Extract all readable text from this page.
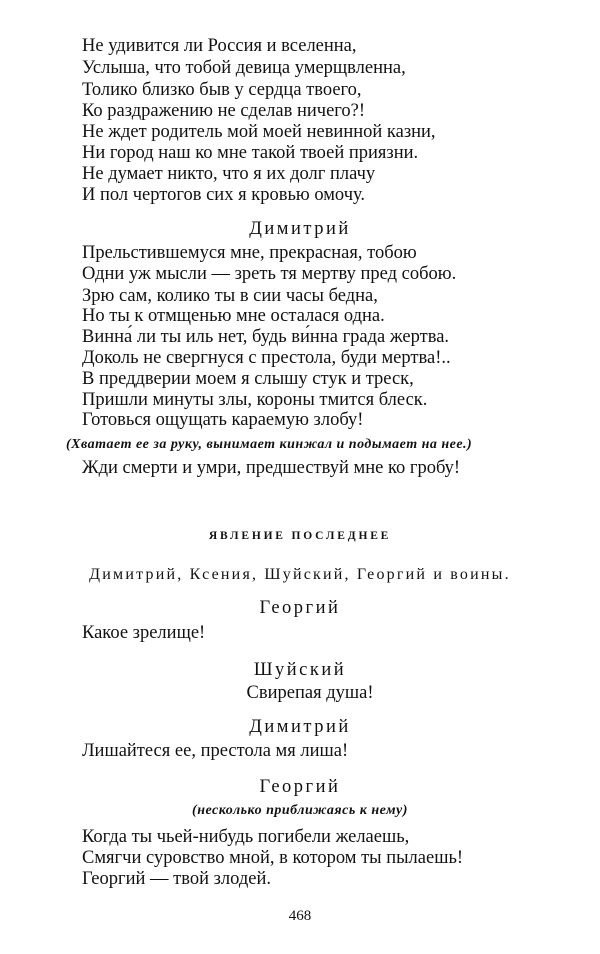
Не удивится ли Россия и вселенна,
Услыша, что тобой девица умерщвленна,
Толико близко быв у сердца твоего,
Ко раздражению не сделав ничего?!
Не ждет родитель мой моей невинной казни,
Ни город наш ко мне такой твоей приязни.
Не думает никто, что я их долг плачу
И пол чертогов сих я кровью омочу.
Димитрий
Прельстившемуся мне, прекрасная, тобою
Одни уж мысли — зреть тя мертву пред собою.
Зрю сам, колико ты в сии часы бедна,
Но ты к отмщенью мне осталася одна.
Винна́ ли ты иль нет, будь ви́нна града жертва.
Доколь не свергнуся с престола, буди мертва!..
В преддверии моем я слышу стук и треск,
Пришли минуты злы, короны тмится блеск.
Готовься ощущать караемую злобу!
(Хватает ее за руку, вынимает кинжал и подымает на нее.)
Жди смерти и умри, предшествуй мне ко гробу!
ЯВЛЕНИЕ ПОСЛЕДНЕЕ
Димитрий, Ксения, Шуйский, Георгий и воины.
Георгий
Какое зрелище!
Шуйский
Свирепая душа!
Димитрий
Лишайтеся ее, престола мя лиша!
Георгий
(несколько приближаясь к нему)
Когда ты чьей-нибудь погибели желаешь,
Смягчи суровство мной, в котором ты пылаешь!
Георгий — твой злодей.
468
